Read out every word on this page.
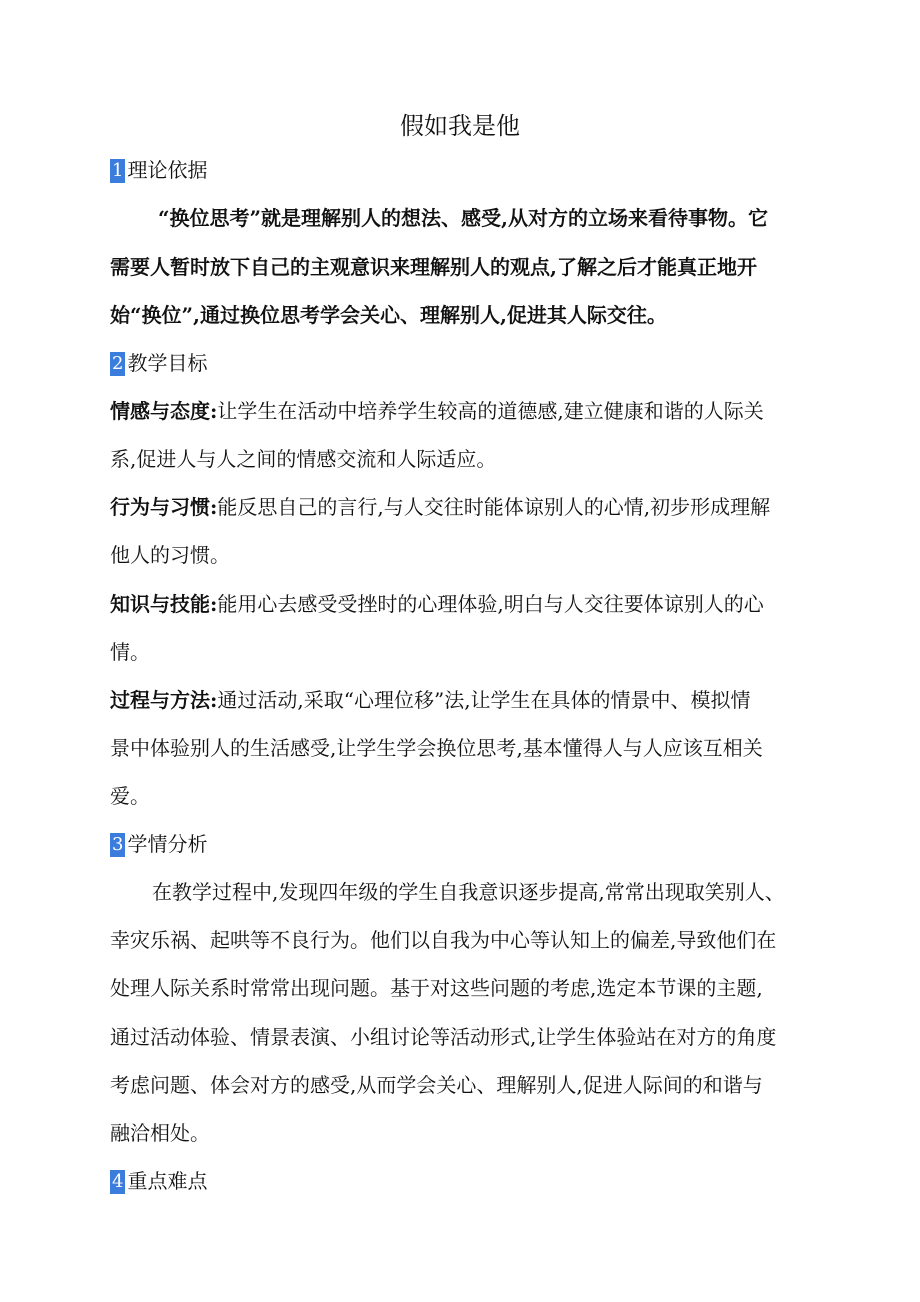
假如我是他
1 理论依据

“换位思考”就是理解别人的想法、感受,从对方的立场来看待事物。它

需要人暂时放下自己的主观意识来理解别人的观点,了解之后才能真正地开

始“换位”,通过换位思考学会关心、理解别人,促进其人际交往。

2 教学目标

情感与态度:让学生在活动中培养学生较高的道德感,建立健康和谐的人际关

系,促进人与人之间的情感交流和人际适应。

行为与习惯:能反思自己的言行,与人交往时能体谅别人的心情,初步形成理解

他人的习惯。

知识与技能:能用心去感受受挫时的心理体验,明白与人交往要体谅别人的心

情。

过程与方法:通过活动,采取“心理位移”法,让学生在具体的情景中、模拟情

景中体验别人的生活感受,让学生学会换位思考,基本懂得人与人应该互相关

爱。

3 学情分析

在教学过程中,发现四年级的学生自我意识逐步提高,常常出现取笑别人、

幸灾乐祸、起哄等不良行为。他们以自我为中心等认知上的偏差,导致他们在

处理人际关系时常常出现问题。基于对这些问题的考虑,选定本节课的主题,

通过活动体验、情景表演、小组讨论等活动形式,让学生体验站在对方的角度

考虑问题、体会对方的感受,从而学会关心、理解别人,促进人际间的和谐与

融洽相处。

4 重点难点
